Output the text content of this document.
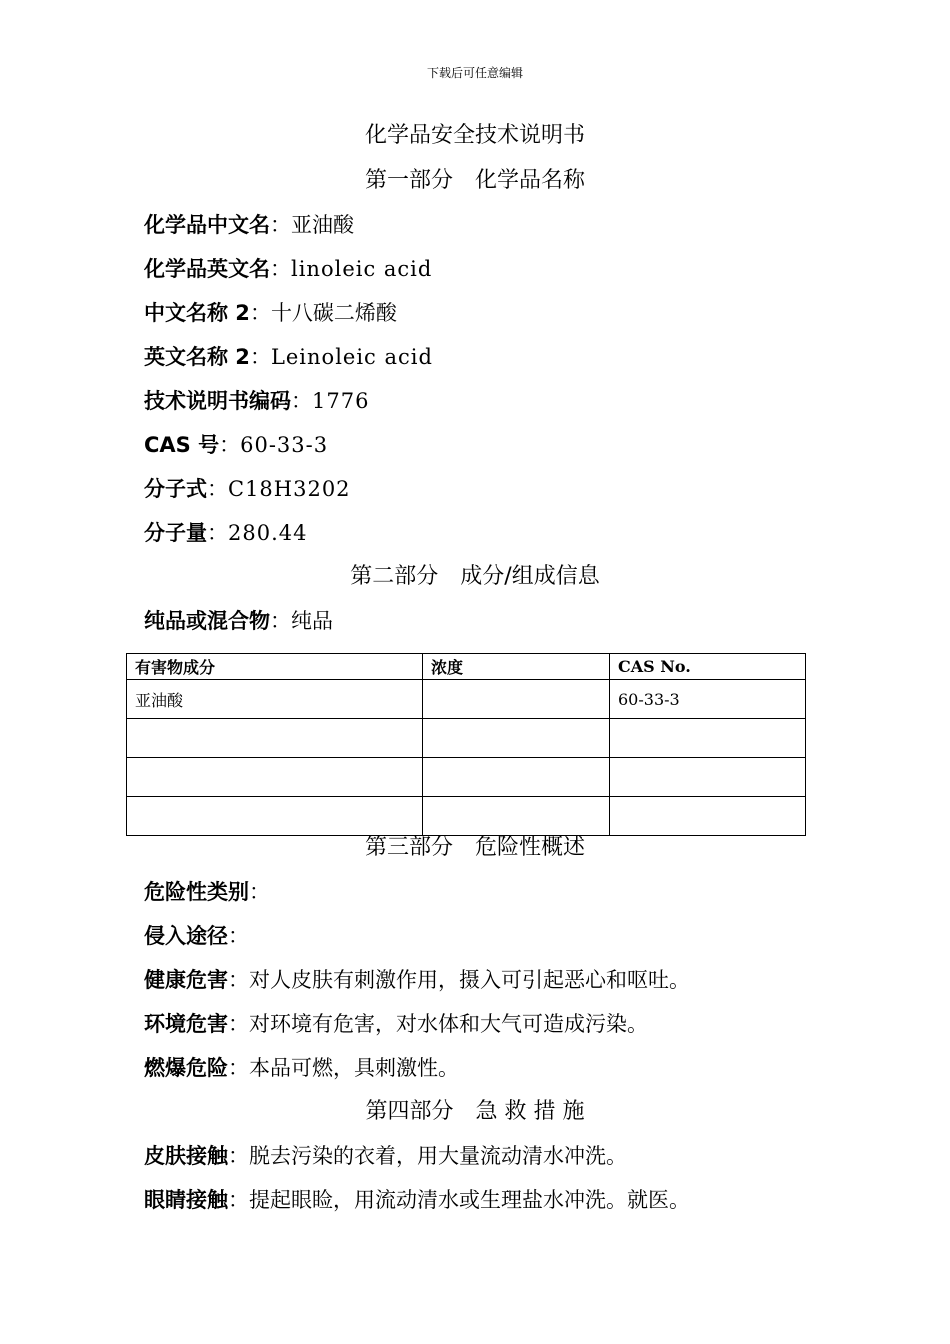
下载后可任意编辑
化学品安全技术说明书
第一部分　化学品名称
化学品中文名：亚油酸
化学品英文名：linoleic acid
中文名称 2：十八碳二烯酸
英文名称 2：Leinoleic acid
技术说明书编码：1776
CAS 号：60-33-3
分子式：C18H3202
分子量：280.44
第二部分　成分/组成信息
纯品或混合物：纯品
有害物成分	浓度	CAS No.
亚油酸		60-33-3

第三部分　危险性概述
危险性类别：
侵入途径：
健康危害：对人皮肤有刺激作用，摄入可引起恶心和呕吐。
环境危害：对环境有危害，对水体和大气可造成污染。
燃爆危险：本品可燃，具刺激性。
第四部分　急 救 措 施
皮肤接触：脱去污染的衣着，用大量流动清水冲洗。
眼睛接触：提起眼睑，用流动清水或生理盐水冲洗。就医。
